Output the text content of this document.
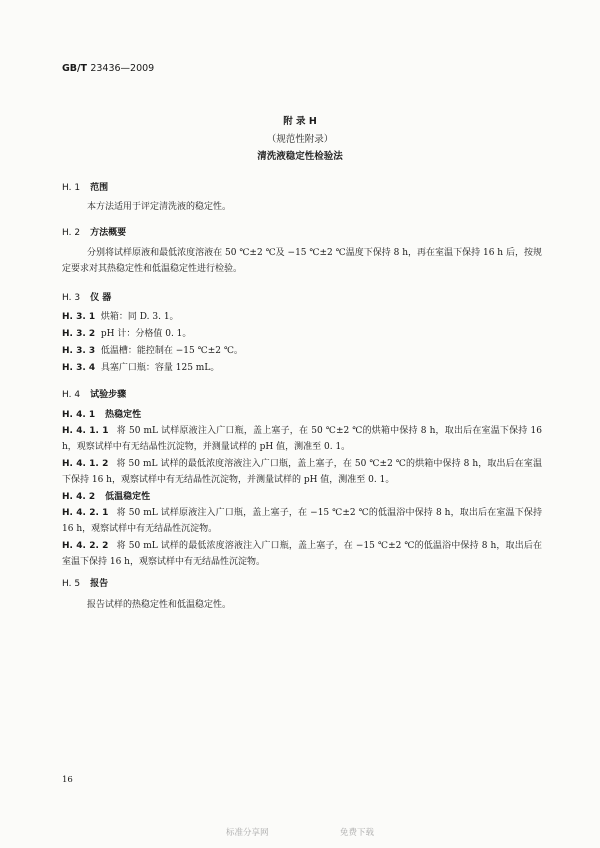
GB/T 23436—2009
附 录 H
（规范性附录）
清洗液稳定性检验法
H. 1 范围
本方法适用于评定清洗液的稳定性。
H. 2 方法概要
分别将试样原液和最低浓度溶液在 50 ℃±2 ℃及 −15 ℃±2 ℃温度下保持 8 h，再在室温下保持 16 h 后，按规定要求对其热稳定性和低温稳定性进行检验。
H. 3 仪 器
H. 3. 1 烘箱：同 D. 3. 1。
H. 3. 2 pH 计：分格值 0. 1。
H. 3. 3 低温槽：能控制在 −15 ℃±2 ℃。
H. 3. 4 具塞广口瓶：容量 125 mL。
H. 4 试验步骤
H. 4. 1 热稳定性
H. 4. 1. 1 将 50 mL 试样原液注入广口瓶，盖上塞子，在 50 ℃±2 ℃的烘箱中保持 8 h，取出后在室温下保持 16 h，观察试样中有无结晶性沉淀物，并测量试样的 pH 值，测准至 0. 1。
H. 4. 1. 2 将 50 mL 试样的最低浓度溶液注入广口瓶，盖上塞子，在 50 ℃±2 ℃的烘箱中保持 8 h，取出后在室温下保持 16 h，观察试样中有无结晶性沉淀物，并测量试样的 pH 值，测准至 0. 1。
H. 4. 2 低温稳定性
H. 4. 2. 1 将 50 mL 试样原液注入广口瓶，盖上塞子，在 −15 ℃±2 ℃的低温浴中保持 8 h，取出后在室温下保持 16 h，观察试样中有无结晶性沉淀物。
H. 4. 2. 2 将 50 mL 试样的最低浓度溶液注入广口瓶，盖上塞子，在 −15 ℃±2 ℃的低温浴中保持 8 h，取出后在室温下保持 16 h，观察试样中有无结晶性沉淀物。
H. 5 报告
报告试样的热稳定性和低温稳定性。
16
标准分享网	免费下载
